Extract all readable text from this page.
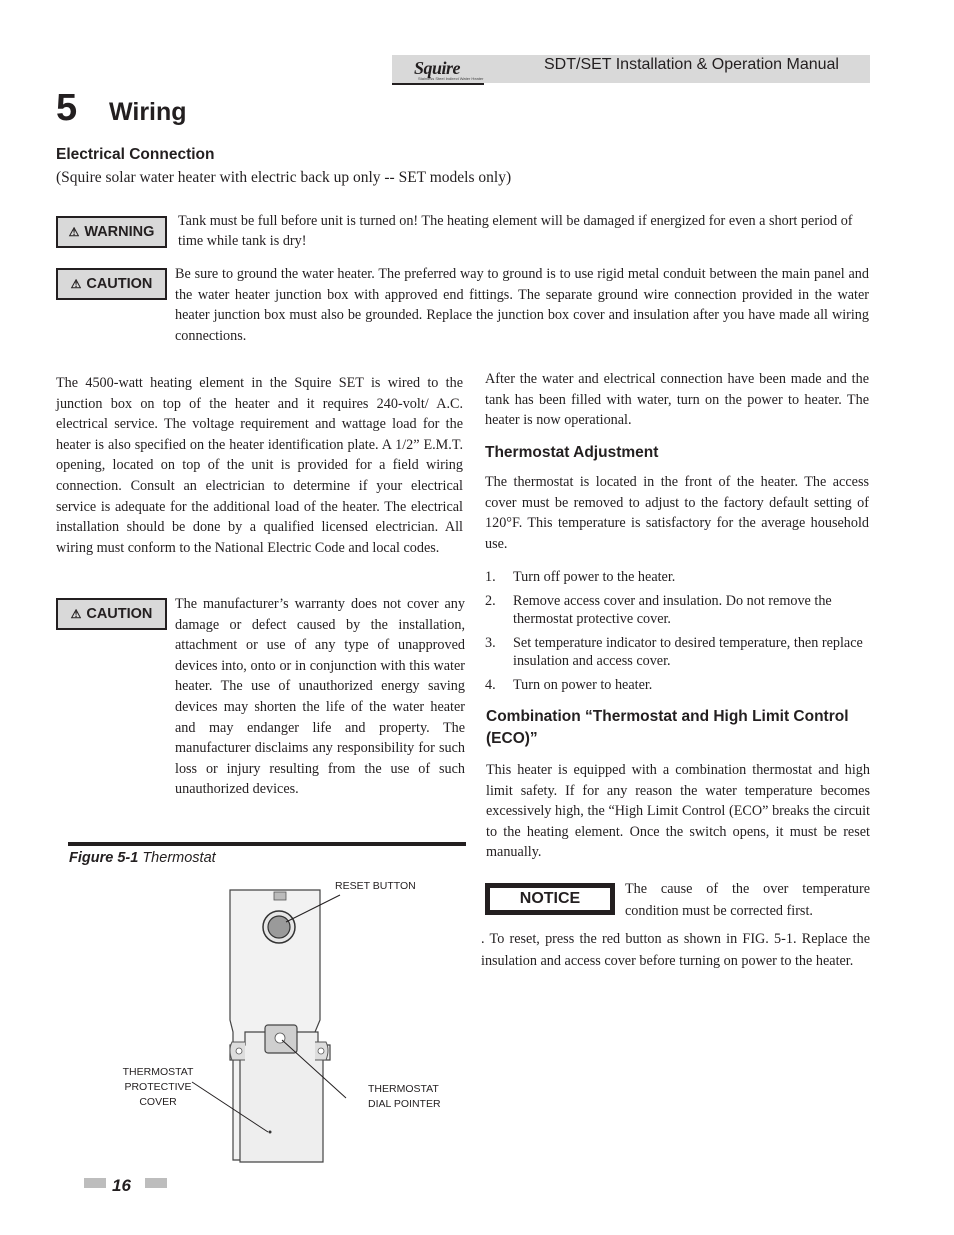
Squire
Stainless Steel Indirect Water Heater
SDT/SET Installation & Operation Manual
5 Wiring
Electrical Connection
(Squire solar water heater with electric back up only -- SET models only)
⚠ WARNING
Tank must be full before unit is turned on! The heating element will be damaged if energized for even a short period of time while tank is dry!
⚠ CAUTION
Be sure to ground the water heater. The preferred way to ground is to use rigid metal conduit between the main panel and the water heater junction box with approved end fittings. The separate ground wire connection provided in the water heater junction box must also be grounded. Replace the junction box cover and insulation after you have made all wiring connections.
The 4500-watt heating element in the Squire SET is wired to the junction box on top of the heater and it requires 240-volt/ A.C. electrical service. The voltage requirement and wattage load for the heater is also specified on the heater identification plate. A 1/2” E.M.T. opening, located on top of the unit is provided for a field wiring connection. Consult an electrician to determine if your electrical service is adequate for the additional load of the heater. The electrical installation should be done by a qualified licensed electrician. All wiring must conform to the National Electric Code and local codes.
⚠ CAUTION
The manufacturer’s warranty does not cover any damage or defect caused by the installation, attachment or use of any type of unapproved devices into, onto or in conjunction with this water heater. The use of unauthorized energy saving devices may shorten the life of the water heater and may endanger life and property. The manufacturer disclaims any responsibility for such loss or injury resulting from the use of such unauthorized devices.
Figure 5-1 Thermostat
RESET BUTTON
THERMOSTAT
PROTECTIVE
COVER
THERMOSTAT
DIAL POINTER
After the water and electrical connection have been made and the tank has been filled with water, turn on the power to heater. The heater is now operational.
Thermostat Adjustment
The thermostat is located in the front of the heater. The access cover must be removed to adjust to the factory default setting of 120°F. This temperature is satisfactory for the average household use.
1. Turn off power to the heater.
2. Remove access cover and insulation. Do not remove the thermostat protective cover.
3. Set temperature indicator to desired temperature, then replace insulation and access cover.
4. Turn on power to heater.
Combination “Thermostat and High Limit Control (ECO)”
This heater is equipped with a combination thermostat and high limit safety. If for any reason the water temperature becomes excessively high, the “High Limit Control (ECO” breaks the circuit to the heating element. Once the switch opens, it must be reset manually.
NOTICE
The cause of the over temperature condition must be corrected first.
. To reset, press the red button as shown in FIG. 5-1. Replace the insulation and access cover before turning on power to the heater.
16
